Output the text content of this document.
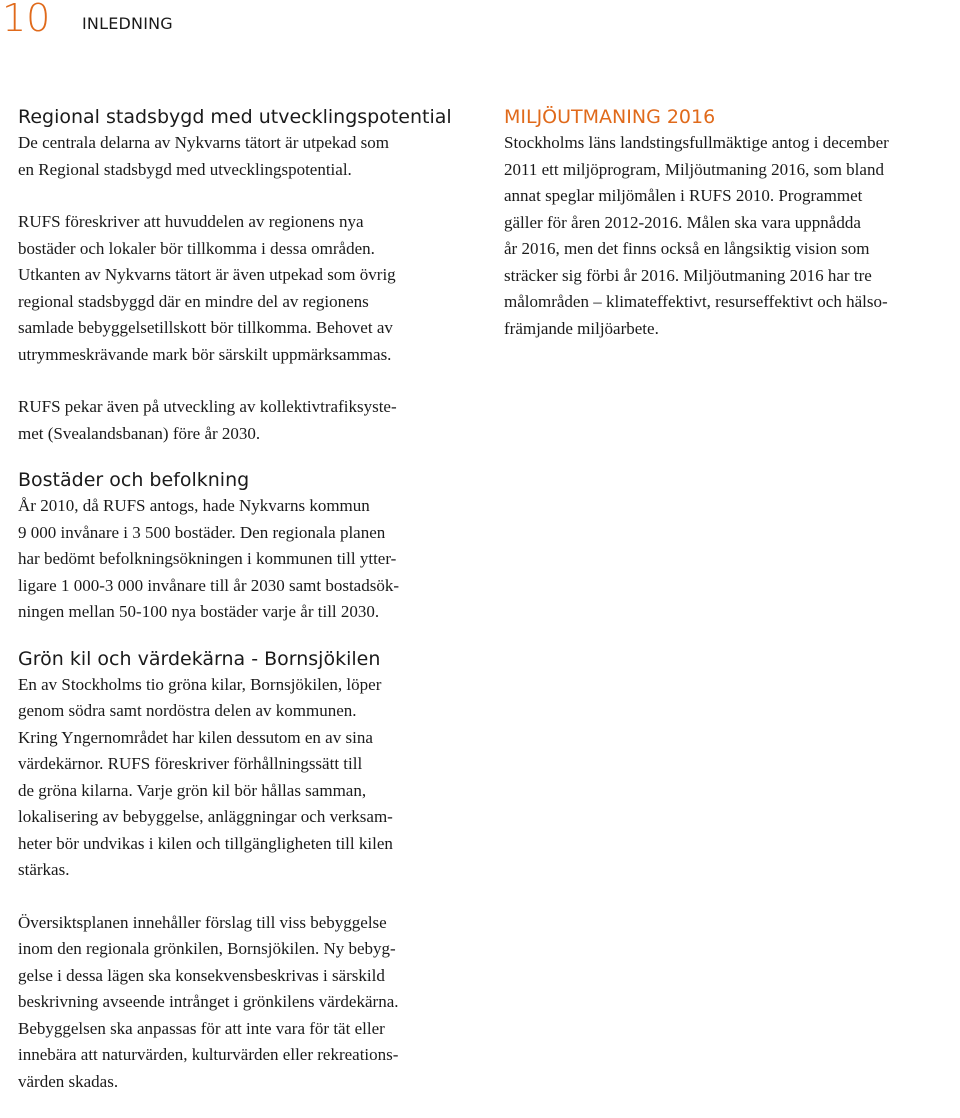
10 INLEDNING
Regional stadsbygd med utvecklingspotential

De centrala delarna av Nykvarns tätort är utpekad som
en Regional stadsbygd med utvecklingspotential.

RUFS föreskriver att huvuddelen av regionens nya
bostäder och lokaler bör tillkomma i dessa områden.
Utkanten av Nykvarns tätort är även utpekad som övrig
regional stadsbyggd där en mindre del av regionens
samlade bebyggelsetillskott bör tillkomma. Behovet av
utrymmeskrävande mark bör särskilt uppmärksammas.

RUFS pekar även på utveckling av kollektivtrafiksyste-
met (Svealandsbanan) före år 2030.

Bostäder och befolkning

År 2010, då RUFS antogs, hade Nykvarns kommun
9 000 invånare i 3 500 bostäder. Den regionala planen
har bedömt befolkningsökningen i kommunen till ytter-
ligare 1 000-3 000 invånare till år 2030 samt bostadsök-
ningen mellan 50-100 nya bostäder varje år till 2030.

Grön kil och värdekärna - Bornsjökilen

En av Stockholms tio gröna kilar, Bornsjökilen, löper
genom södra samt nordöstra delen av kommunen.
Kring Yngernområdet har kilen dessutom en av sina
värdekärnor. RUFS föreskriver förhållningssätt till
de gröna kilarna. Varje grön kil bör hållas samman,
lokalisering av bebyggelse, anläggningar och verksam-
heter bör undvikas i kilen och tillgängligheten till kilen
stärkas.

Översiktsplanen innehåller förslag till viss bebyggelse
inom den regionala grönkilen, Bornsjökilen. Ny bebyg-
gelse i dessa lägen ska konsekvensbeskrivas i särskild
beskrivning avseende intrånget i grönkilens värdekärna.
Bebyggelsen ska anpassas för att inte vara för tät eller
innebära att naturvärden, kulturvärden eller rekreations-
värden skadas.

MILJÖUTMANING 2016

Stockholms läns landstingsfullmäktige antog i december
2011 ett miljöprogram, Miljöutmaning 2016, som bland
annat speglar miljömålen i RUFS 2010. Programmet
gäller för åren 2012-2016. Målen ska vara uppnådda
år 2016, men det finns också en långsiktig vision som
sträcker sig förbi år 2016. Miljöutmaning 2016 har tre
målområden – klimateffektivt, resurseffektivt och hälso-
främjande miljöarbete.
